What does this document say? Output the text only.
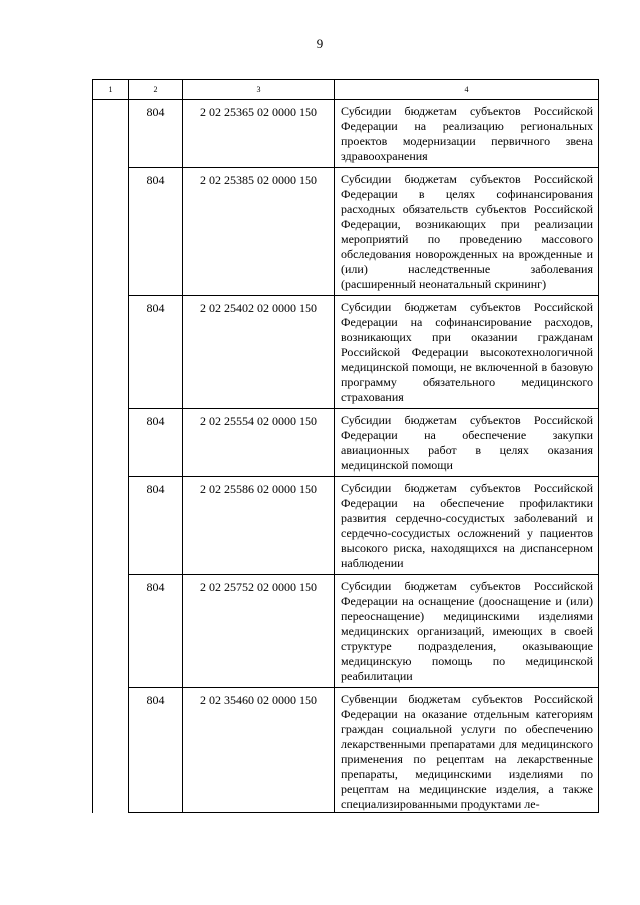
9
1	2	3	4
	804	2 02 25365 02 0000 150	Субсидии бюджетам субъектов Российской Федерации на реализацию региональных проектов модернизации первичного звена здравоохранения
	804	2 02 25385 02 0000 150	Субсидии бюджетам субъектов Российской Федерации в целях софинансирования расходных обязательств субъектов Российской Федерации, возникающих при реализации мероприятий по проведению массового обследования новорожденных на врожденные и (или) наследственные заболевания (расширенный неонатальный скрининг)
	804	2 02 25402 02 0000 150	Субсидии бюджетам субъектов Российской Федерации на софинансирование расходов, возникающих при оказании гражданам Российской Федерации высокотехнологичной медицинской помощи, не включенной в базовую программу обязательного медицинского страхования
	804	2 02 25554 02 0000 150	Субсидии бюджетам субъектов Российской Федерации на обеспечение закупки авиационных работ в целях оказания медицинской помощи
	804	2 02 25586 02 0000 150	Субсидии бюджетам субъектов Российской Федерации на обеспечение профилактики развития сердечно-сосудистых заболеваний и сердечно-сосудистых осложнений у пациентов высокого риска, находящихся на диспансерном наблюдении
	804	2 02 25752 02 0000 150	Субсидии бюджетам субъектов Российской Федерации на оснащение (дооснащение и (или) переоснащение) медицинскими изделиями медицинских организаций, имеющих в своей структуре подразделения, оказывающие медицинскую помощь по медицинской реабилитации
	804	2 02 35460 02 0000 150	Субвенции бюджетам субъектов Российской Федерации на оказание отдельным категориям граждан социальной услуги по обеспечению лекарственными препаратами для медицинского применения по рецептам на лекарственные препараты, медицинскими изделиями по рецептам на медицинские изделия, а также специализированными продуктами ле-
